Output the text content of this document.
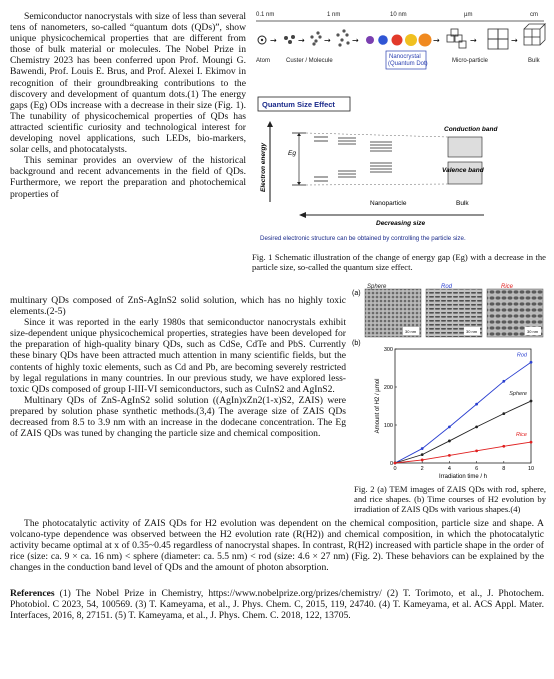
Semiconductor nanocrystals with size of less than several tens of nanometers, so-called “quantum dots (QDs)”, show unique physicochemical properties that are different from those of bulk material or molecules. The Nobel Prize in Chemistry 2023 has been conferred upon Prof. Moungi G. Bawendi, Prof. Louis E. Brus, and Prof. Alexei I. Ekimov in recognition of their groundbreaking contributions to the discovery and development of quantum dots.(1) The energy gaps (Eg) ODs increase with a decrease in their size (Fig. 1). The tunability of physicochemical properties of QDs has attracted scientific curiosity and technological interest for developing novel applications, such LEDs, bio-markers, solar cells, and photocatalysts.

This seminar provides an overview of the historical background and recent advancements in the field of QDs. Furthermore, we report the preparation and photochemical properties of

multinary QDs composed of ZnS-AgInS2 solid solution, which has no highly toxic elements.(2-5)

Since it was reported in the early 1980s that semiconductor nanocrystals exhibit size-dependent unique physicochemical properties, strategies have been developed for the preparation of high-quality binary QDs, such as CdSe, CdTe and PbS. Currently these binary QDs have been attracted much attention in many scientific fields, but the contents of highly toxic elements, such as Cd and Pb, are becoming severely restricted by legal regulations in many countries. In our previous study, we have explored less-toxic QDs composed of group I-III-VI semiconductors, such as CuInS2 and AgInS2.

Multinary QDs of ZnS-AgInS2 solid solution ((AgIn)xZn2(1-x)S2, ZAIS) were prepared by solution phase synthetic methods.(3,4) The average size of ZAIS QDs decreased from 8.5 to 3.9 nm with an increase in the dodecane concentration. The Eg of ZAIS QDs was tuned by changing the particle size and chemical composition.

The photocatalytic activity of ZAIS QDs for H2 evolution was dependent on the chemical composition, particle size and shape. A volcano-type dependence was observed between the H2 evolution rate (R(H2)) and chemical composition, in which the photocatalytic activity became optimal at x of 0.35~0.45 regardless of nanocrystal shapes. In contrast, R(H2) increased with particle shape in the order of rice (size: ca. 9 × ca. 16 nm) < sphere (diameter: ca. 5.5 nm) < rod (size: 4.6 × 27 nm) (Fig. 2). These behaviors can be explained by the changes in the conduction band level of QDs and the amount of photon absorption.

0.1 nm	1 nm	10 nm	µm	cm
→	→ →	→	→	→	→
Atom	Custer / Molecule
Nanocrystal
(Quantum Dot)	Micro-particle	Bulk
Quantum Size Effect
Electron energy	Eg
Conduction band
Valence band
Nanoparticle	Bulk
Decreasing size
Desired electronic structure can be obtained by controlling the particle size.
Fig. 1 Schematic illustration of the change of energy gap (Eg) with a decrease in the particle size, so-called the quantum size effect.
(a)
Sphere	Rod	Rice
30 nm	30 nm	30 nm
(b)
0	2	4	6	8	10
0
100
200
300
Irradiation time / h
Amount of H2 / µmol
Rod
Sphere
Rice
Fig. 2 (a) TEM images of ZAIS QDs with rod, sphere, and rice shapes. (b) Time courses of H2 evolution by irradiation of ZAIS QDs with various shapes.(4)
References (1) The Nobel Prize in Chemistry, https://www.nobelprize.org/prizes/chemistry/ (2) T. Torimoto, et al., J. Photochem. Photobiol. C 2023, 54, 100569. (3) T. Kameyama, et al., J. Phys. Chem. C, 2015, 119, 24740. (4) T. Kameyama, et al. ACS Appl. Mater. Interfaces, 2016, 8, 27151. (5) T. Kameyama, et al., J. Phys. Chem. C. 2018, 122, 13705.
